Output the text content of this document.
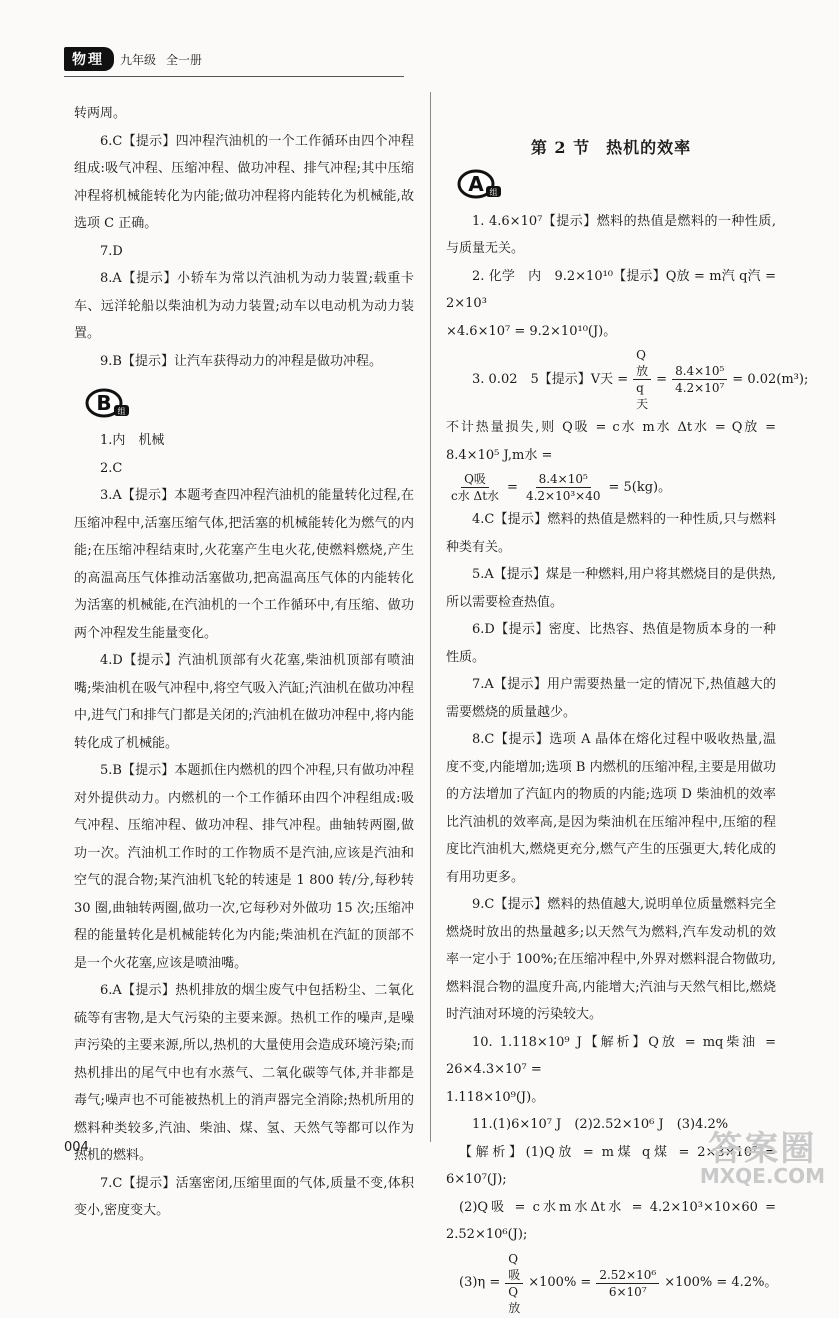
物理	九年级 全一册

转两周。

6.C【提示】四冲程汽油机的一个工作循环由四个冲程组成:吸气冲程、压缩冲程、做功冲程、排气冲程;其中压缩冲程将机械能转化为内能;做功冲程将内能转化为机械能,故选项 C 正确。

7.D

8.A【提示】小轿车为常以汽油机为动力装置;载重卡车、远洋轮船以柴油机为动力装置;动车以电动机为动力装置。

9.B【提示】让汽车获得动力的冲程是做功冲程。

B 组

1.内　机械

2.C

3.A【提示】本题考查四冲程汽油机的能量转化过程,在压缩冲程中,活塞压缩气体,把活塞的机械能转化为燃气的内能;在压缩冲程结束时,火花塞产生电火花,使燃料燃烧,产生的高温高压气体推动活塞做功,把高温高压气体的内能转化为活塞的机械能,在汽油机的一个工作循环中,有压缩、做功两个冲程发生能量变化。

4.D【提示】汽油机顶部有火花塞,柴油机顶部有喷油嘴;柴油机在吸气冲程中,将空气吸入汽缸;汽油机在做功冲程中,进气门和排气门都是关闭的;汽油机在做功冲程中,将内能转化成了机械能。

5.B【提示】本题抓住内燃机的四个冲程,只有做功冲程对外提供动力。内燃机的一个工作循环由四个冲程组成:吸气冲程、压缩冲程、做功冲程、排气冲程。曲轴转两圈,做功一次。汽油机工作时的工作物质不是汽油,应该是汽油和空气的混合物;某汽油机飞轮的转速是 1 800 转/分,每秒转 30 圈,曲轴转两圈,做功一次,它每秒对外做功 15 次;压缩冲程的能量转化是机械能转化为内能;柴油机在汽缸的顶部不是一个火花塞,应该是喷油嘴。

6.A【提示】热机排放的烟尘废气中包括粉尘、二氧化硫等有害物,是大气污染的主要来源。热机工作的噪声,是噪声污染的主要来源,所以,热机的大量使用会造成环境污染;而热机排出的尾气中也有水蒸气、二氧化碳等气体,并非都是毒气;噪声也不可能被热机上的消声器完全消除;热机所用的燃料种类较多,汽油、柴油、煤、氢、天然气等都可以作为热机的燃料。

7.C【提示】活塞密闭,压缩里面的气体,质量不变,体积变小,密度变大。

第 2 节 热机的效率
A 组

1. 4.6×10⁷【提示】燃料的热值是燃料的一种性质,与质量无关。

2. 化学　内　9.2×10¹⁰【提示】Q放 = m汽 q汽 = 2×10³

×4.6×10⁷ = 9.2×10¹⁰(J)。

3. 0.02　5【提示】V天 = $\frac{\text{Q放}}{\text{q天}} = \frac{\text{8.4×10⁵}}{\text{4.2×10⁷}} = 0.02(m^3)$;

不计热量损失,则 Q吸 = c水 m水 Δt水 = Q放 = 8.4×10⁵ J,m水 =

$\frac{\text{Q吸}}{\text{c水 Δt水}} = \frac{\text{8.4×10⁵}}{\text{4.2×10³×40}} = 5(kg)$。

4.C【提示】燃料的热值是燃料的一种性质,只与燃料种类有关。

5.A【提示】煤是一种燃料,用户将其燃烧目的是供热,所以需要检查热值。

6.D【提示】密度、比热容、热值是物质本身的一种性质。

7.A【提示】用户需要热量一定的情况下,热值越大的需要燃烧的质量越少。

8.C【提示】选项 A 晶体在熔化过程中吸收热量,温度不变,内能增加;选项 B 内燃机的压缩冲程,主要是用做功的方法增加了汽缸内的物质的内能;选项 D 柴油机的效率比汽油机的效率高,是因为柴油机在压缩冲程中,压缩的程度比汽油机大,燃烧更充分,燃气产生的压强更大,转化成的有用功更多。

9.C【提示】燃料的热值越大,说明单位质量燃料完全燃烧时放出的热量越多;以天然气为燃料,汽车发动机的效率一定小于 100%;在压缩冲程中,外界对燃料混合物做功,燃料混合物的温度升高,内能增大;汽油与天然气相比,燃烧时汽油对环境的污染较大。

10. 1.118×10⁹ J【解析】Q放 = mq柴油 = 26×4.3×10⁷ =

1.118×10⁹(J)。

11.(1)6×10⁷ J　(2)2.52×10⁶ J　(3)4.2%

【解析】(1)Q放 = m煤 q煤 = 2×3×10⁷ = 6×10⁷(J);

(2)Q吸 = c水m水Δt水 = 4.2×10³×10×60 = 2.52×10⁶(J);

$(3)\eta = \frac{\text{Q吸}}{\text{Q放}} \times 100\% = \frac{\text{2.52×10⁶}}{\text{6×10⁷}} \times 100\% = 4.2\%$。
004	答案圈
MXQE.COM
